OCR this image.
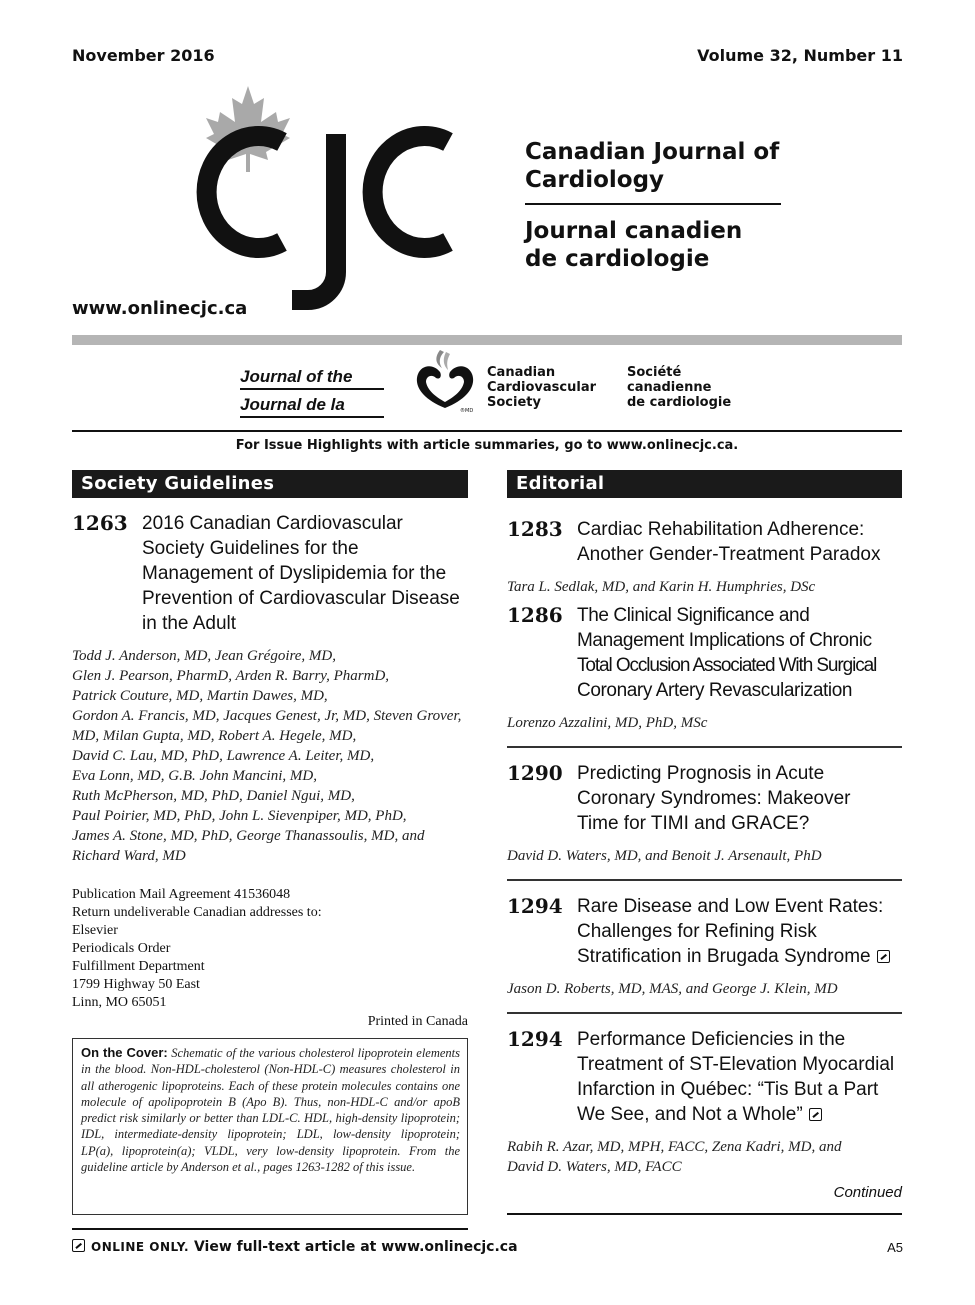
November 2016	Volume 32, Number 11
CJC
Canadian Journal of
Cardiology
Journal canadien
de cardiologie
www.onlinecjc.ca
Journal of the
Journal de la	®MD
Canadian
Cardiovascular
Society
Société
canadienne
de cardiologie
For Issue Highlights with article summaries, go to www.onlinecjc.ca.
Society Guidelines	Editorial
1263 2016 Canadian Cardiovascular
Society Guidelines for the
Management of Dyslipidemia for the
Prevention of Cardiovascular Disease
in the Adult
Todd J. Anderson, MD, Jean Grégoire, MD,
Glen J. Pearson, PharmD, Arden R. Barry, PharmD,
Patrick Couture, MD, Martin Dawes, MD,
Gordon A. Francis, MD, Jacques Genest, Jr, MD, Steven Grover,
MD, Milan Gupta, MD, Robert A. Hegele, MD,
David C. Lau, MD, PhD, Lawrence A. Leiter, MD,
Eva Lonn, MD, G.B. John Mancini, MD,
Ruth McPherson, MD, PhD, Daniel Ngui, MD,
Paul Poirier, MD, PhD, John L. Sievenpiper, MD, PhD,
James A. Stone, MD, PhD, George Thanassoulis, MD, and
Richard Ward, MD
Publication Mail Agreement 41536048
Return undeliverable Canadian addresses to:
Elsevier
Periodicals Order
Fulfillment Department
1799 Highway 50 East
Linn, MO 65051
Printed in Canada
On the Cover: Schematic of the various cholesterol lipoprotein elements in the blood. Non-HDL-cholesterol (Non-HDL-C) measures cholesterol in all atherogenic lipoproteins. Each of these protein molecules contains one molecule of apolipoprotein B (Apo B). Thus, non-HDL-C and/or apoB predict risk similarly or better than LDL-C. HDL, high-density lipoprotein; IDL, intermediate-density lipoprotein; LDL, low-density lipoprotein; LP(a), lipoprotein(a); VLDL, very low-density lipoprotein. From the guideline article by Anderson et al., pages 1263-1282 of this issue.
1283 Cardiac Rehabilitation Adherence:
Another Gender-Treatment Paradox
Tara L. Sedlak, MD, and Karin H. Humphries, DSc
1286 The Clinical Significance and
Management Implications of Chronic
Total Occlusion Associated With Surgical
Coronary Artery Revascularization
Lorenzo Azzalini, MD, PhD, MSc
1290 Predicting Prognosis in Acute
Coronary Syndromes: Makeover
Time for TIMI and GRACE?
David D. Waters, MD, and Benoit J. Arsenault, PhD
1294 Rare Disease and Low Event Rates:
Challenges for Refining Risk
Stratification in Brugada Syndrome
Jason D. Roberts, MD, MAS, and George J. Klein, MD
1294 Performance Deficiencies in the
Treatment of ST-Elevation Myocardial
Infarction in Québec: “Tis But a Part
We See, and Not a Whole”
Rabih R. Azar, MD, MPH, FACC, Zena Kadri, MD, and
David D. Waters, MD, FACC
Continued
ONLINE ONLY. View full-text article at www.onlinecjc.ca	A5
